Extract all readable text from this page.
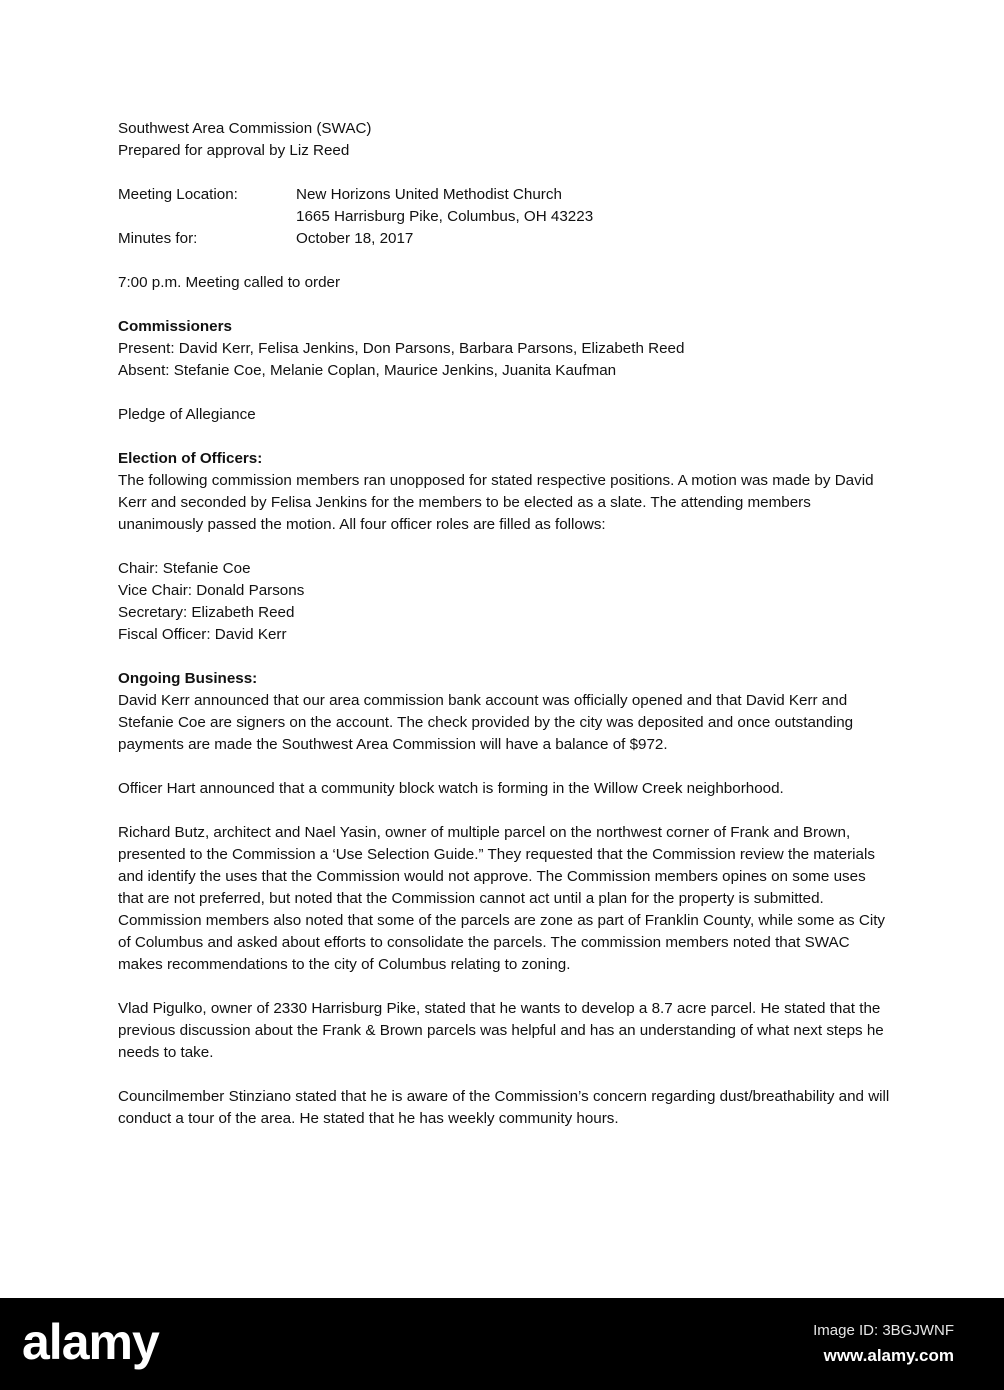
Southwest Area Commission (SWAC)

Prepared for approval by Liz Reed

Meeting Location:	New Horizons United Methodist Church
1665 Harrisburg Pike, Columbus, OH 43223
Minutes for:	October 18, 2017

7:00 p.m. Meeting called to order

Commissioners

Present: David Kerr, Felisa Jenkins, Don Parsons, Barbara Parsons, Elizabeth Reed

Absent: Stefanie Coe, Melanie Coplan, Maurice Jenkins, Juanita Kaufman

Pledge of Allegiance

Election of Officers:

The following commission members ran unopposed for stated respective positions. A motion was made by David Kerr and seconded by Felisa Jenkins for the members to be elected as a slate. The attending members unanimously passed the motion. All four officer roles are filled as follows:

Chair: Stefanie Coe

Vice Chair: Donald Parsons

Secretary: Elizabeth Reed

Fiscal Officer: David Kerr

Ongoing Business:

David Kerr announced that our area commission bank account was officially opened and that David Kerr and Stefanie Coe are signers on the account. The check provided by the city was deposited and once outstanding payments are made the Southwest Area Commission will have a balance of $972.

Officer Hart announced that a community block watch is forming in the Willow Creek neighborhood.

Richard Butz, architect and Nael Yasin, owner of multiple parcel on the northwest corner of Frank and Brown, presented to the Commission a ‘Use Selection Guide.” They requested that the Commission review the materials and identify the uses that the Commission would not approve. The Commission members opines on some uses that are not preferred, but noted that the Commission cannot act until a plan for the property is submitted. Commission members also noted that some of the parcels are zone as part of Franklin County, while some as City of Columbus and asked about efforts to consolidate the parcels. The commission members noted that SWAC makes recommendations to the city of Columbus relating to zoning.

Vlad Pigulko, owner of 2330 Harrisburg Pike, stated that he wants to develop a 8.7 acre parcel. He stated that the previous discussion about the Frank & Brown parcels was helpful and has an understanding of what next steps he needs to take.

Councilmember Stinziano stated that he is aware of the Commission’s concern regarding dust/breathability and will conduct a tour of the area. He stated that he has weekly community hours.

alamy	Image ID: 3BGJWNF
www.alamy.com
